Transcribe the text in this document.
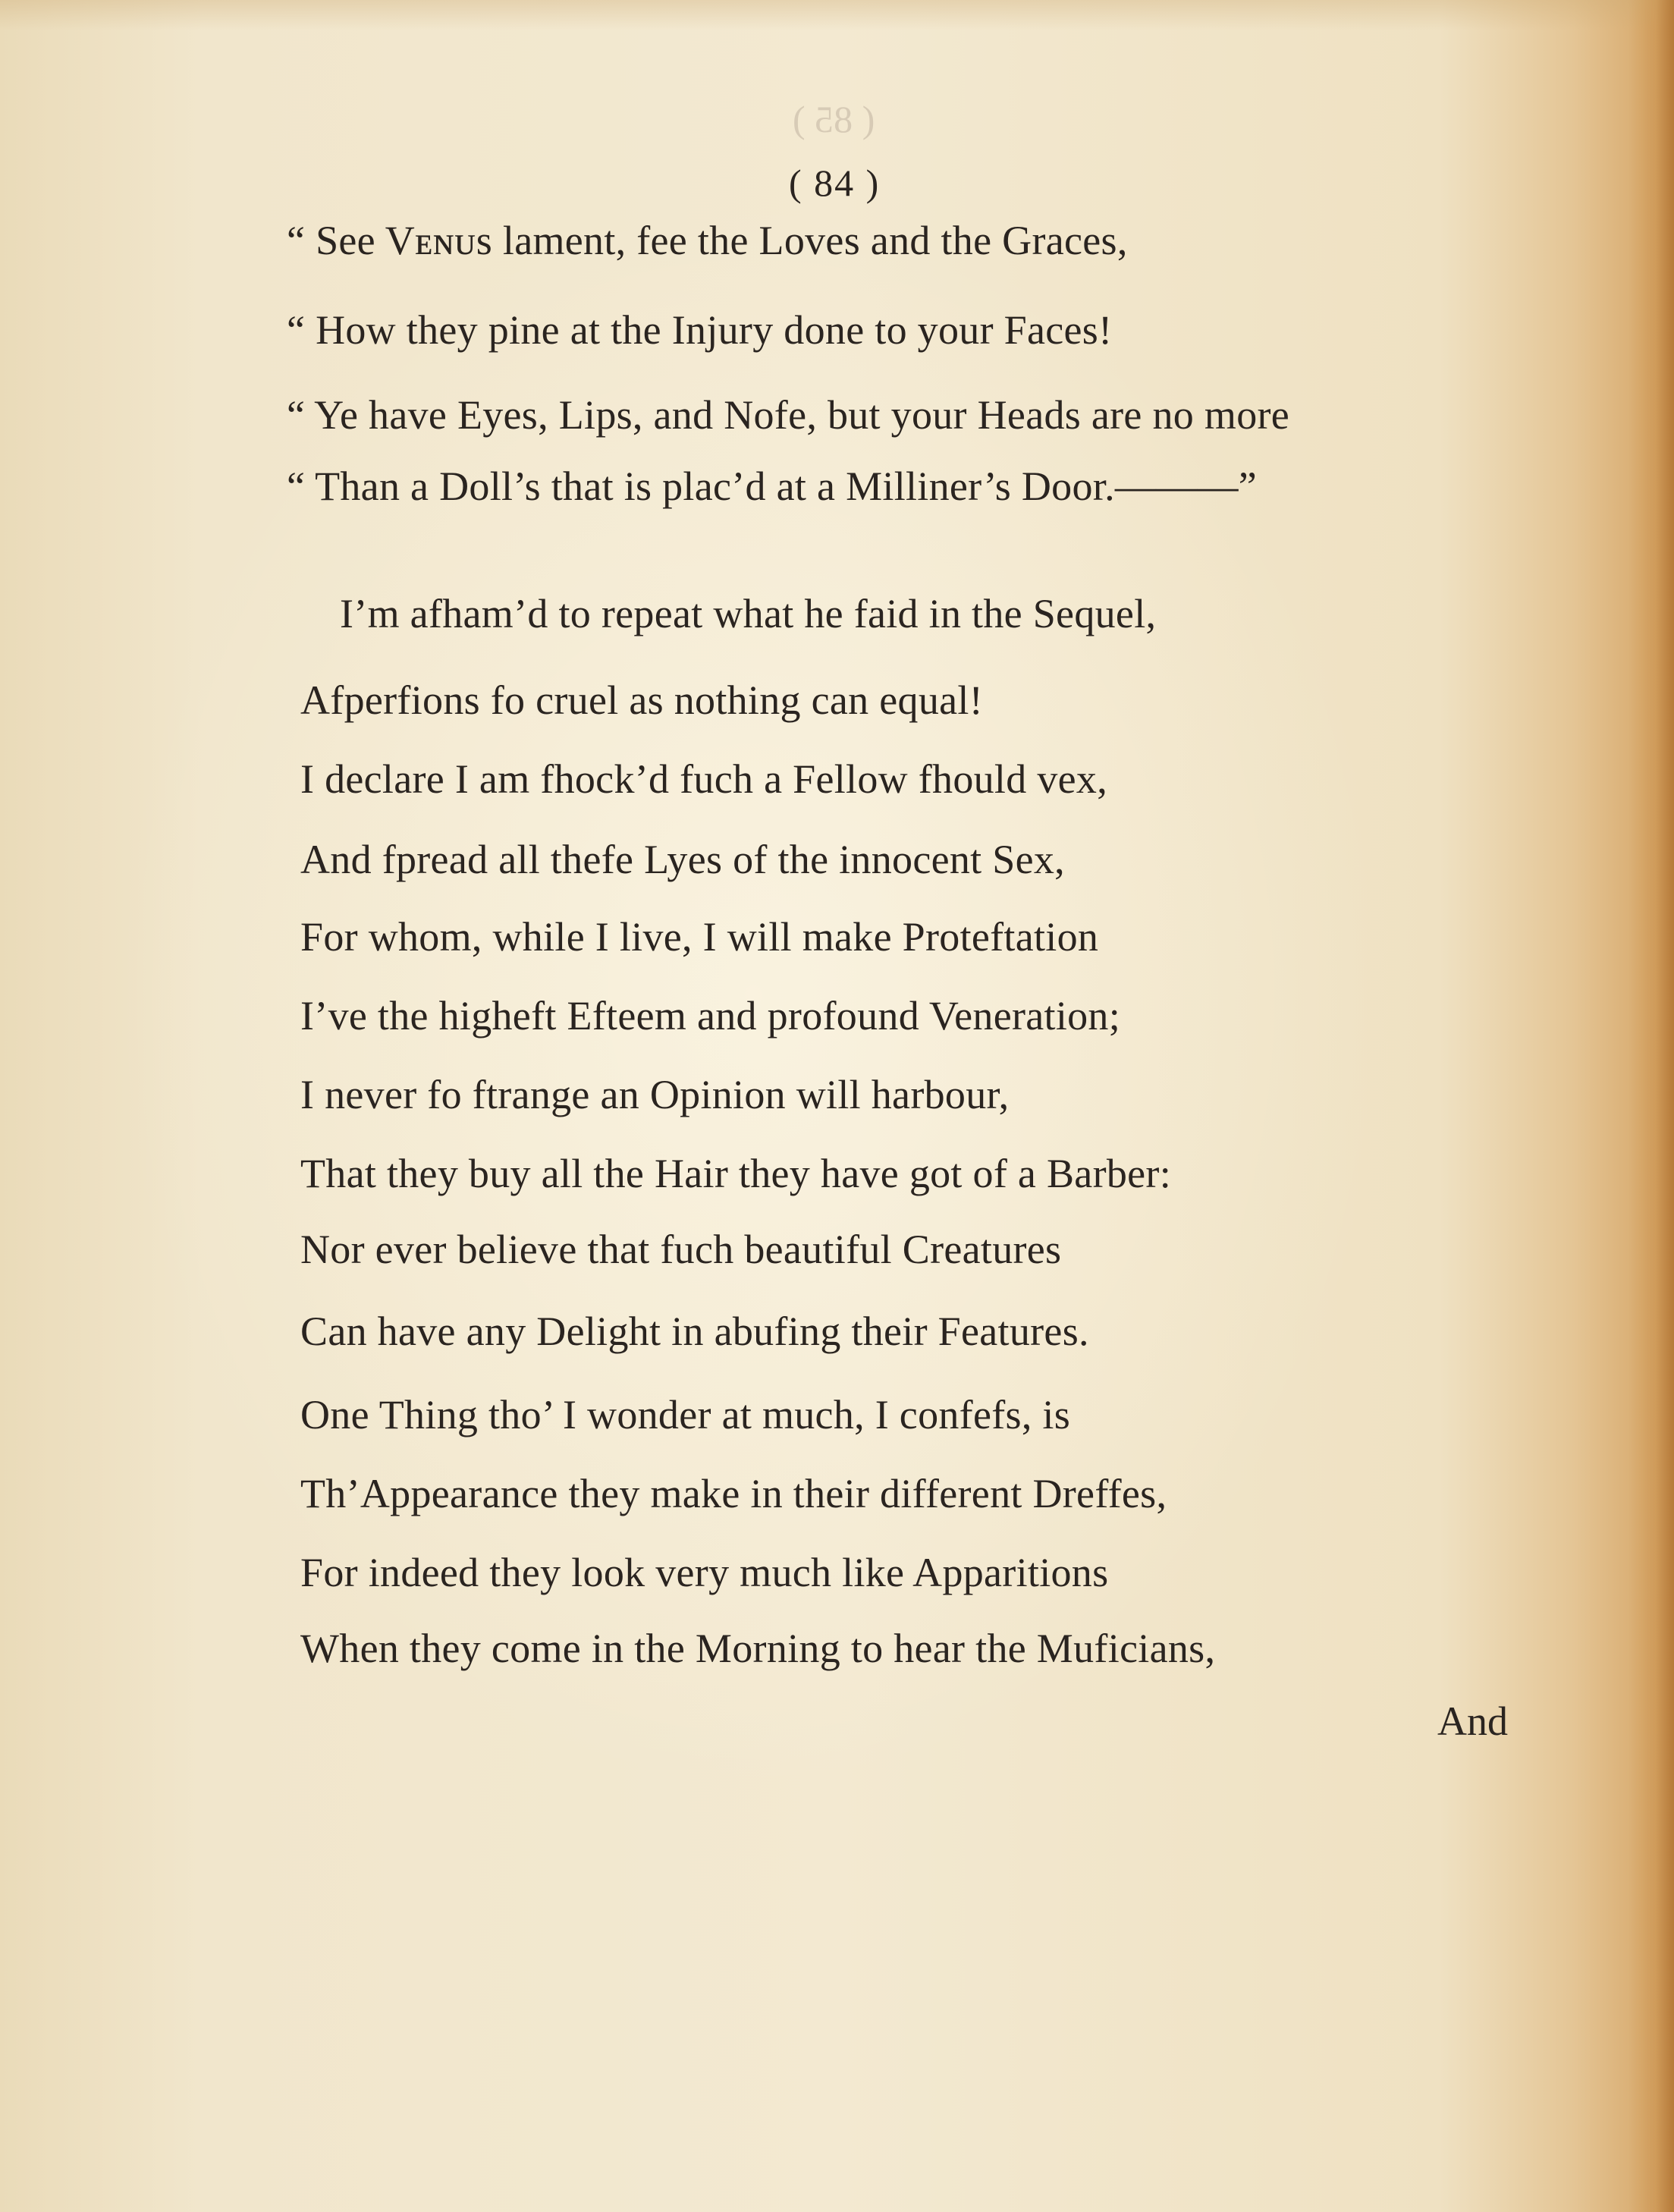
( 85 )
( 84 )
“ See Vᴇɴᴜs lament, fee the Loves and the Graces,
“ How they pine at the Injury done to your Faces!
“ Ye have Eyes, Lips, and Nofe, but your Heads are no more
“ Than a Doll’s that is plac’d at a Milliner’s Door.———”
I’m afham’d to repeat what he faid in the Sequel,
Afperfions fo cruel as nothing can equal!
I declare I am fhock’d fuch a Fellow fhould vex,
And fpread all thefe Lyes of the innocent Sex,
For whom, while I live, I will make Proteftation
I’ve the higheft Efteem and profound Veneration;
I never fo ftrange an Opinion will harbour,
That they buy all the Hair they have got of a Barber:
Nor ever believe that fuch beautiful Creatures
Can have any Delight in abufing their Features.
One Thing tho’ I wonder at much, I confefs, is
Th’Appearance they make in their different Dreffes,
For indeed they look very much like Apparitions
When they come in the Morning to hear the Muficians,
And
